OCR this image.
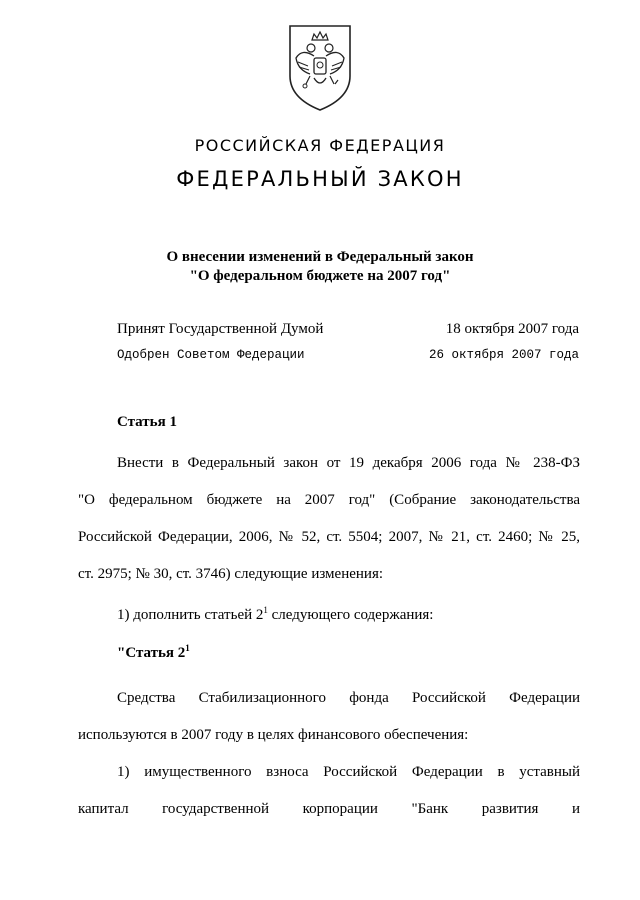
РОССИЙСКАЯ ФЕДЕРАЦИЯ
ФЕДЕРАЛЬНЫЙ ЗАКОН
О внесении изменений в Федеральный закон
"О федеральном бюджете на 2007 год"
Принят Государственной Думой	18 октября 2007 года
Одобрен Советом Федерации	26 октября 2007 года
Статья 1
Внести в Федеральный закон от 19 декабря 2006 года № 238-ФЗ
"О федеральном бюджете на 2007 год" (Собрание законодательства
Российской Федерации, 2006, № 52, ст. 5504; 2007, № 21, ст. 2460; № 25,
ст. 2975; № 30, ст. 3746) следующие изменения:
1) дополнить статьей $2^1$ следующего содержания:
"Статья $2^1$
Средства Стабилизационного фонда Российской Федерации
используются в 2007 году в целях финансового обеспечения:
1) имущественного взноса Российской Федерации в уставный
капитал государственной корпорации "Банк развития и
